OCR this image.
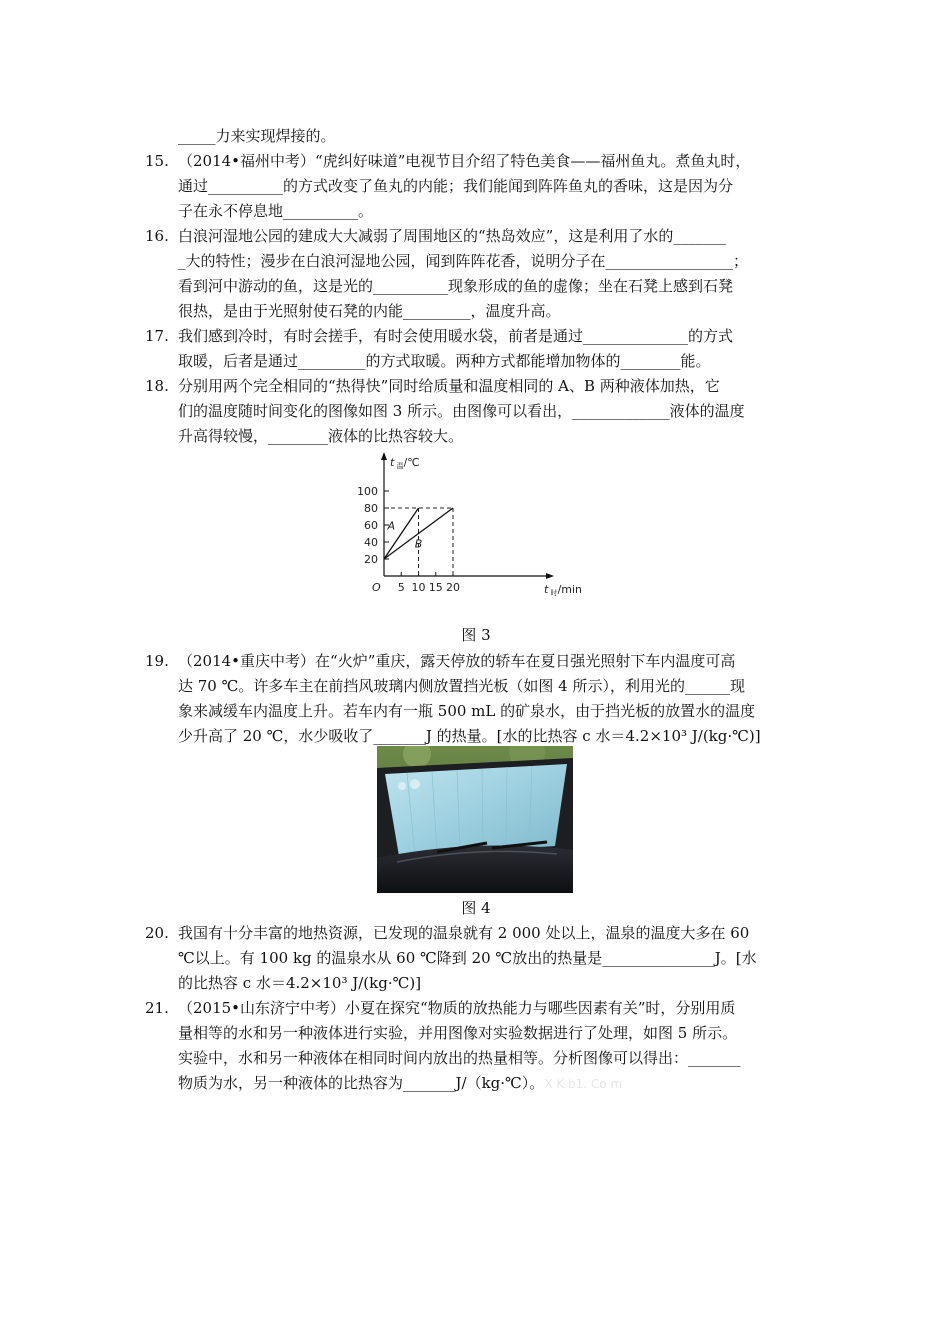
_____力来实现焊接的。
15. （2014•福州中考）“虎纠好味道”电视节目介绍了特色美食——福州鱼丸。煮鱼丸时，
通过__________的方式改变了鱼丸的内能；我们能闻到阵阵鱼丸的香味，这是因为分
子在永不停息地__________。
16. 白浪河湿地公园的建成大大减弱了周围地区的“热岛效应”，这是利用了水的_______
_大的特性；漫步在白浪河湿地公园，闻到阵阵花香，说明分子在_________________；
看到河中游动的鱼，这是光的__________现象形成的鱼的虚像；坐在石凳上感到石凳
很热，是由于光照射使石凳的内能_________，温度升高。
17. 我们感到冷时，有时会搓手，有时会使用暖水袋，前者是通过______________的方式
取暖，后者是通过_________的方式取暖。两种方式都能增加物体的________能。
18. 分别用两个完全相同的“热得快”同时给质量和温度相同的 A、B 两种液体加热，它
们的温度随时间变化的图像如图 3 所示。由图像可以看出，_____________液体的温度
升高得较慢，________液体的比热容较大。
20
40
60
80
100
5 10 15 20
A
B
O
t 温/℃
t 时/min
图 3
19. （2014•重庆中考）在“火炉”重庆，露天停放的轿车在夏日强光照射下车内温度可高
达 70 ℃。许多车主在前挡风玻璃内侧放置挡光板（如图 4 所示），利用光的______现
象来减缓车内温度上升。若车内有一瓶 500 mL 的矿泉水，由于挡光板的放置水的温度
少升高了 20 ℃，水少吸收了_______J 的热量。[水的比热容 c 水＝4.2×10³ J/(kg·℃)]
图 4
20. 我国有十分丰富的地热资源，已发现的温泉就有 2 000 处以上，温泉的温度大多在 60
℃以上。有 100 kg 的温泉水从 60 ℃降到 20 ℃放出的热量是_______________J。[水
的比热容 c 水＝4.2×10³ J/(kg·℃)]
21. （2015•山东济宁中考）小夏在探究“物质的放热能力与哪些因素有关”时，分别用质
量相等的水和另一种液体进行实验，并用图像对实验数据进行了处理，如图 5 所示。
实验中，水和另一种液体在相同时间内放出的热量相等。分析图像可以得出：_______
物质为水，另一种液体的比热容为_______J/（kg·℃）。X K b1. Co m
